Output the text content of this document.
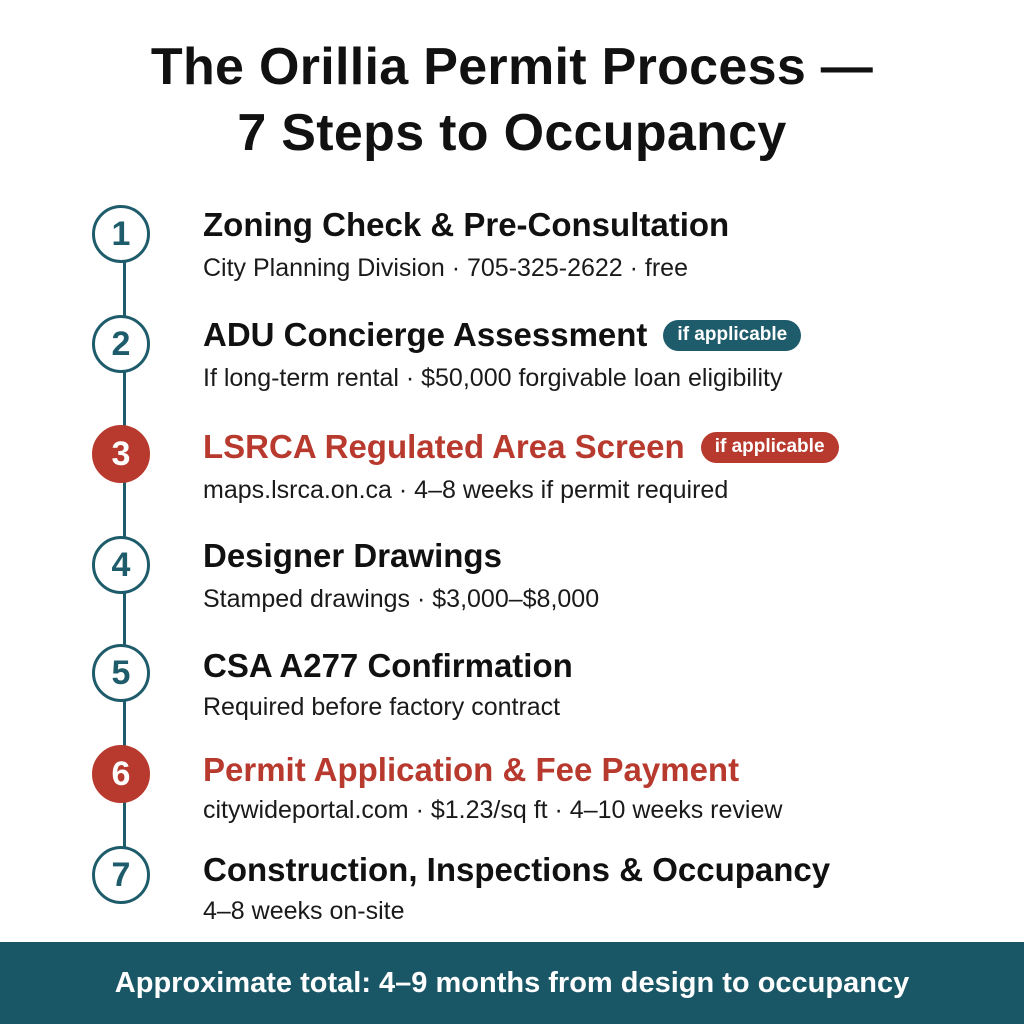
The Orillia Permit Process —
7 Steps to Occupancy
1	Zoning Check & Pre-Consultation
City Planning Division · 705-325-2622 · free
2	ADU Concierge Assessment	if applicable
If long-term rental · $50,000 forgivable loan eligibility
3	LSRCA Regulated Area Screen	if applicable
maps.lsrca.on.ca · 4–8 weeks if permit required
4	Designer Drawings
Stamped drawings · $3,000–$8,000
5	CSA A277 Confirmation
Required before factory contract
6	Permit Application & Fee Payment
citywideportal.com · $1.23/sq ft · 4–10 weeks review
7	Construction, Inspections & Occupancy
4–8 weeks on-site
Approximate total: 4–9 months from design to occupancy
